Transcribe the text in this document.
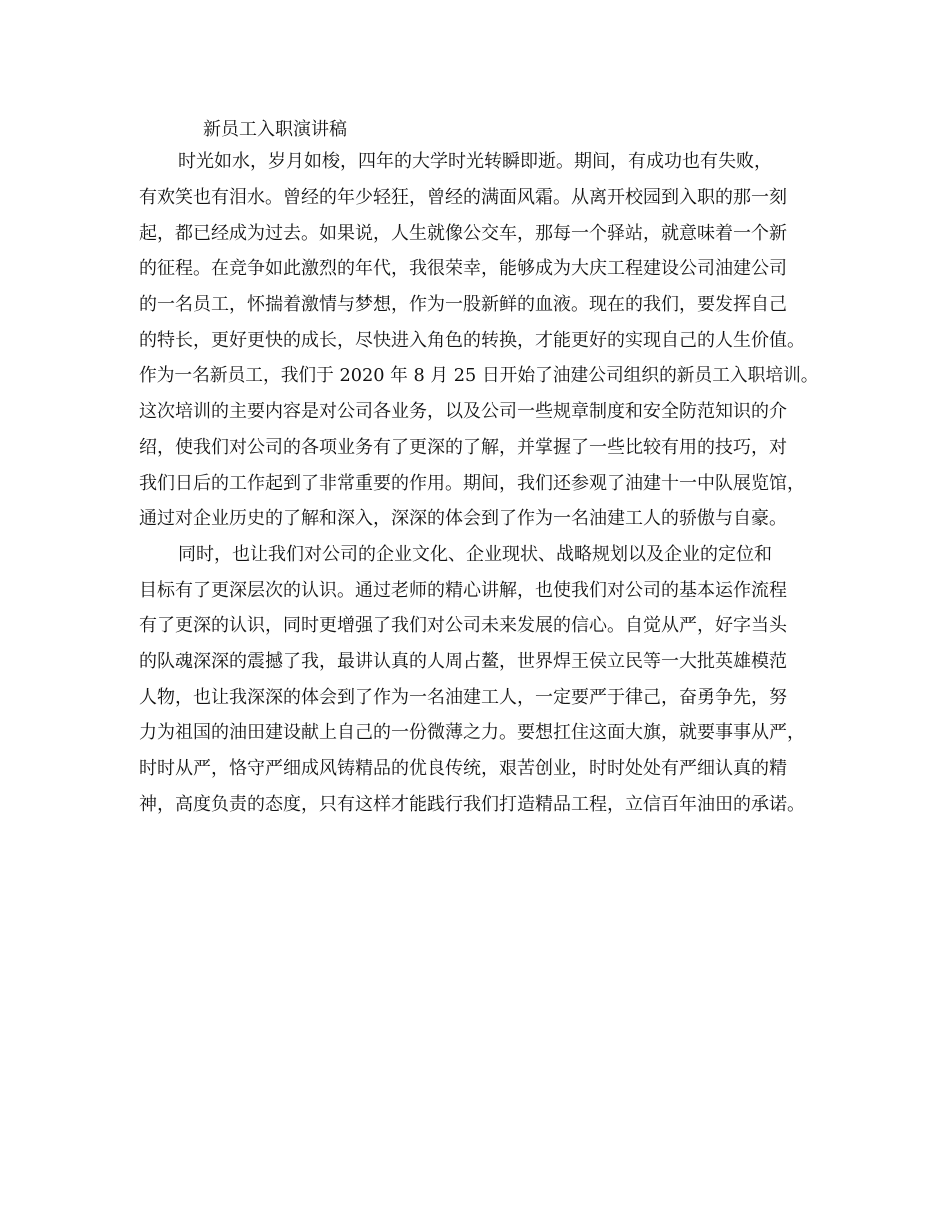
新员工入职演讲稿
时光如水，岁月如梭，四年的大学时光转瞬即逝。期间，有成功也有失败，
有欢笑也有泪水。曾经的年少轻狂，曾经的满面风霜。从离开校园到入职的那一刻
起，都已经成为过去。如果说，人生就像公交车，那每一个驿站，就意味着一个新
的征程。在竞争如此激烈的年代，我很荣幸，能够成为大庆工程建设公司油建公司
的一名员工，怀揣着激情与梦想，作为一股新鲜的血液。现在的我们，要发挥自己
的特长，更好更快的成长，尽快进入角色的转换，才能更好的实现自己的人生价值。
作为一名新员工，我们于 2020 年 8 月 25 日开始了油建公司组织的新员工入职培训。
这次培训的主要内容是对公司各业务，以及公司一些规章制度和安全防范知识的介
绍，使我们对公司的各项业务有了更深的了解，并掌握了一些比较有用的技巧，对
我们日后的工作起到了非常重要的作用。期间，我们还参观了油建十一中队展览馆，
通过对企业历史的了解和深入，深深的体会到了作为一名油建工人的骄傲与自豪。
同时，也让我们对公司的企业文化、企业现状、战略规划以及企业的定位和
目标有了更深层次的认识。通过老师的精心讲解，也使我们对公司的基本运作流程
有了更深的认识，同时更增强了我们对公司未来发展的信心。自觉从严，好字当头
的队魂深深的震撼了我，最讲认真的人周占鳌，世界焊王侯立民等一大批英雄模范
人物，也让我深深的体会到了作为一名油建工人，一定要严于律己，奋勇争先，努
力为祖国的油田建设献上自己的一份微薄之力。要想扛住这面大旗，就要事事从严，
时时从严，恪守严细成风铸精品的优良传统，艰苦创业，时时处处有严细认真的精
神，高度负责的态度，只有这样才能践行我们打造精品工程，立信百年油田的承诺。
